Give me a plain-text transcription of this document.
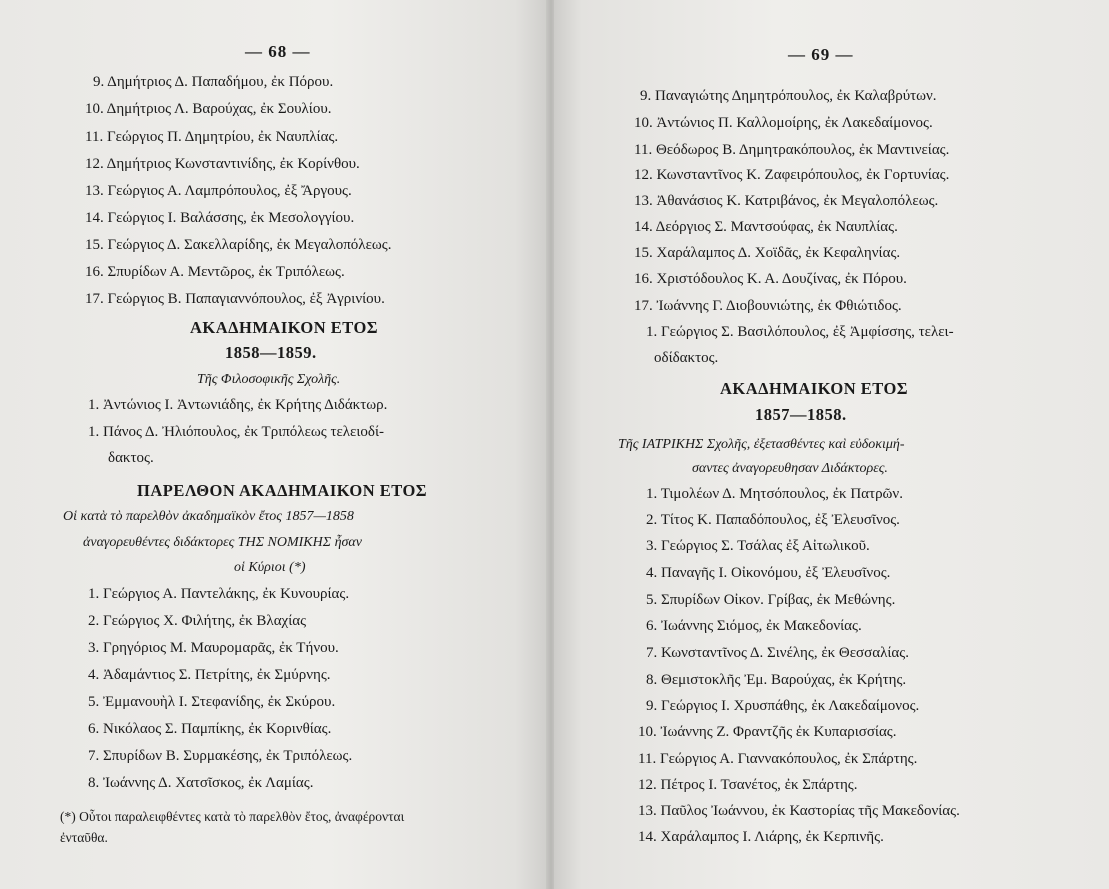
— 68 —

9. Δημήτριος Δ. Παπαδήμου, ἐκ Πόρου.

10. Δημήτριος Λ. Βαρούχας, ἐκ Σουλίου.

11. Γεώργιος Π. Δημητρίου, ἐκ Ναυπλίας.

12. Δημήτριος Κωνσταντινίδης, ἐκ Κορίνθου.

13. Γεώργιος Α. Λαμπρόπουλος, ἐξ Ἄργους.

14. Γεώργιος Ι. Βαλάσσης, ἐκ Μεσολογγίου.

15. Γεώργιος Δ. Σακελλαρίδης, ἐκ Μεγαλοπόλεως.

16. Σπυρίδων Α. Μεντῶρος, ἐκ Τριπόλεως.

17. Γεώργιος Β. Παπαγιαννόπουλος, ἐξ Ἀγρινίου.

ΑΚΑΔΗΜΑΙΚΟΝ ΕΤΟΣ

1858—1859.

Τῆς Φιλοσοφικῆς Σχολῆς.

1. Ἀντώνιος Ι. Ἀντωνιάδης, ἐκ Κρήτης Διδάκτωρ.

1. Πάνος Δ. Ἠλιόπουλος, ἐκ Τριπόλεως τελειοδί-

δακτος.

ΠΑΡΕΛΘΟΝ ΑΚΑΔΗΜΑΙΚΟΝ ΕΤΟΣ

Οἱ κατὰ τὸ παρελθὸν ἀκαδημαϊκὸν ἔτος 1857—1858

ἀναγορευθέντες διδάκτορες ΤΗΣ ΝΟΜΙΚΗΣ ἦσαν

οἱ Κύριοι (*)

1. Γεώργιος Α. Παντελάκης, ἐκ Κυνουρίας.

2. Γεώργιος Χ. Φιλήτης, ἐκ Βλαχίας

3. Γρηγόριος Μ. Μαυρομαρᾶς, ἐκ Τήνου.

4. Ἀδαμάντιος Σ. Πετρίτης, ἐκ Σμύρνης.

5. Ἐμμανουὴλ Ι. Στεφανίδης, ἐκ Σκύρου.

6. Νικόλαος Σ. Παμπίκης, ἐκ Κορινθίας.

7. Σπυρίδων Β. Συρμακέσης, ἐκ Τριπόλεως.

8. Ἰωάννης Δ. Χατσῖσκος, ἐκ Λαμίας.

(*) Οὗτοι παραλειφθέντες κατὰ τὸ παρελθὸν ἔτος, ἀναφέρονται

ἐνταῦθα.

— 69 —

9. Παναγιώτης Δημητρόπουλος, ἐκ Καλαβρύτων.

10. Ἀντώνιος Π. Καλλομοίρης, ἐκ Λακεδαίμονος.

11. Θεόδωρος Β. Δημητρακόπουλος, ἐκ Μαντινείας.

12. Κωνσταντῖνος Κ. Ζαφειρόπουλος, ἐκ Γορτυνίας.

13. Ἀθανάσιος Κ. Κατριβάνος, ἐκ Μεγαλοπόλεως.

14. Δεόργιος Σ. Μαντσούφας, ἐκ Ναυπλίας.

15. Χαράλαμπος Δ. Χοϊδᾶς, ἐκ Κεφαληνίας.

16. Χριστόδουλος Κ. Α. Δουζίνας, ἐκ Πόρου.

17. Ἰωάννης Γ. Διοβουνιώτης, ἐκ Φθιώτιδος.

1. Γεώργιος Σ. Βασιλόπουλος, ἐξ Ἀμφίσσης, τελει-

οδίδακτος.

ΑΚΑΔΗΜΑΙΚΟΝ ΕΤΟΣ

1857—1858.

Τῆς ΙΑΤΡΙΚΗΣ Σχολῆς, ἐξετασθέντες καὶ εὐδοκιμή-

σαντες ἀναγορευθησαν Διδάκτορες.

1. Τιμολέων Δ. Μητσόπουλος, ἐκ Πατρῶν.

2. Τίτος Κ. Παπαδόπουλος, ἐξ Ἐλευσῖνος.

3. Γεώργιος Σ. Τσάλας ἐξ Αἰτωλικοῦ.

4. Παναγῆς Ι. Οἰκονόμου, ἐξ Ἐλευσῖνος.

5. Σπυρίδων Οἰκον. Γρίβας, ἐκ Μεθώνης.

6. Ἰωάννης Σιόμος, ἐκ Μακεδονίας.

7. Κωνσταντῖνος Δ. Σινέλης, ἐκ Θεσσαλίας.

8. Θεμιστοκλῆς Ἐμ. Βαρούχας, ἐκ Κρήτης.

9. Γεώργιος Ι. Χρυσπάθης, ἐκ Λακεδαίμονος.

10. Ἰωάννης Ζ. Φραντζῆς ἐκ Κυπαρισσίας.

11. Γεώργιος Α. Γιαννακόπουλος, ἐκ Σπάρτης.

12. Πέτρος Ι. Τσανέτος, ἐκ Σπάρτης.

13. Παῦλος Ἰωάννου, ἐκ Καστορίας τῆς Μακεδονίας.

14. Χαράλαμπος Ι. Λιάρης, ἐκ Κερπινῆς.
